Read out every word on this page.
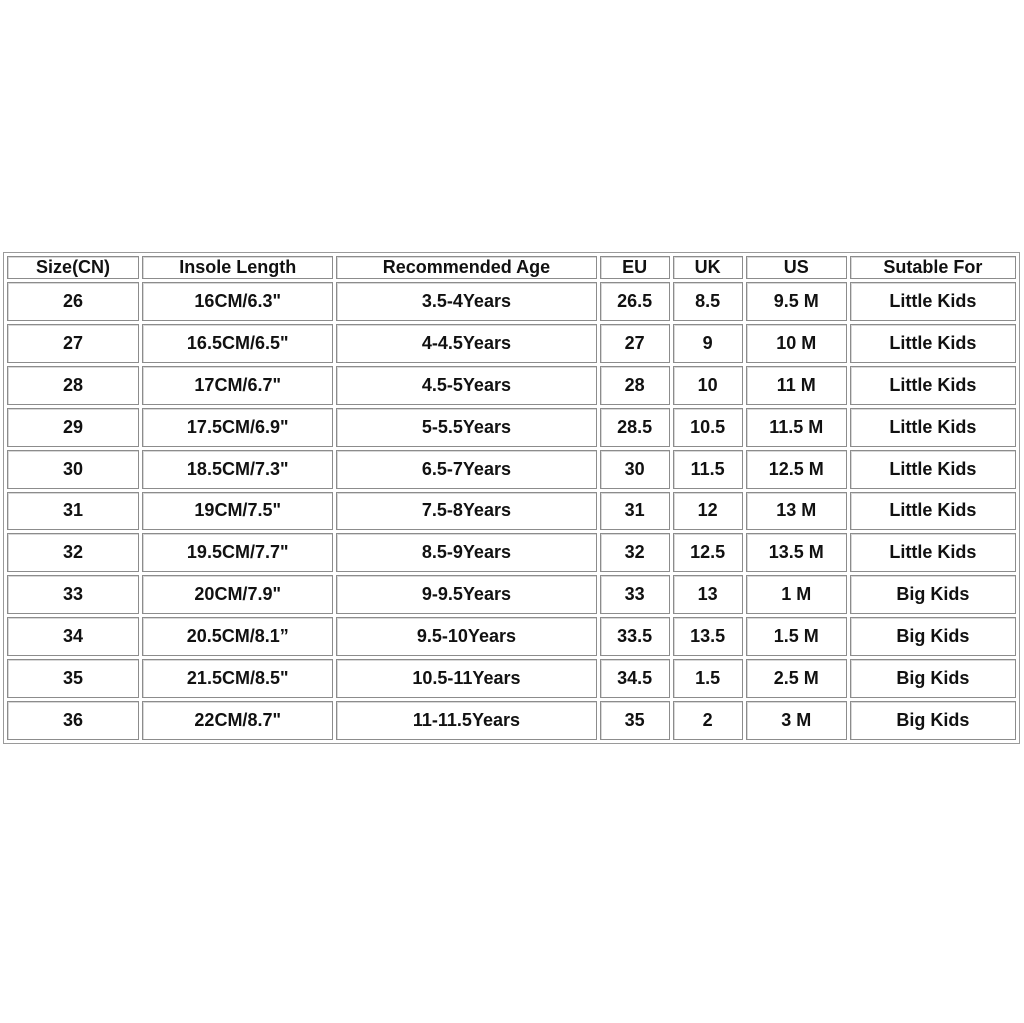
Size(CN)	Insole Length	Recommended Age	EU	UK	US	Sutable For
26	16CM/6.3"	3.5-4Years	26.5	8.5	9.5 M	Little Kids
27	16.5CM/6.5"	4-4.5Years	27	9	10 M	Little Kids
28	17CM/6.7"	4.5-5Years	28	10	11 M	Little Kids
29	17.5CM/6.9"	5-5.5Years	28.5	10.5	11.5 M	Little Kids
30	18.5CM/7.3"	6.5-7Years	30	11.5	12.5 M	Little Kids
31	19CM/7.5"	7.5-8Years	31	12	13 M	Little Kids
32	19.5CM/7.7"	8.5-9Years	32	12.5	13.5 M	Little Kids
33	20CM/7.9"	9-9.5Years	33	13	1 M	Big Kids
34	20.5CM/8.1”	9.5-10Years	33.5	13.5	1.5 M	Big Kids
35	21.5CM/8.5"	10.5-11Years	34.5	1.5	2.5 M	Big Kids
36	22CM/8.7"	11-11.5Years	35	2	3 M	Big Kids
